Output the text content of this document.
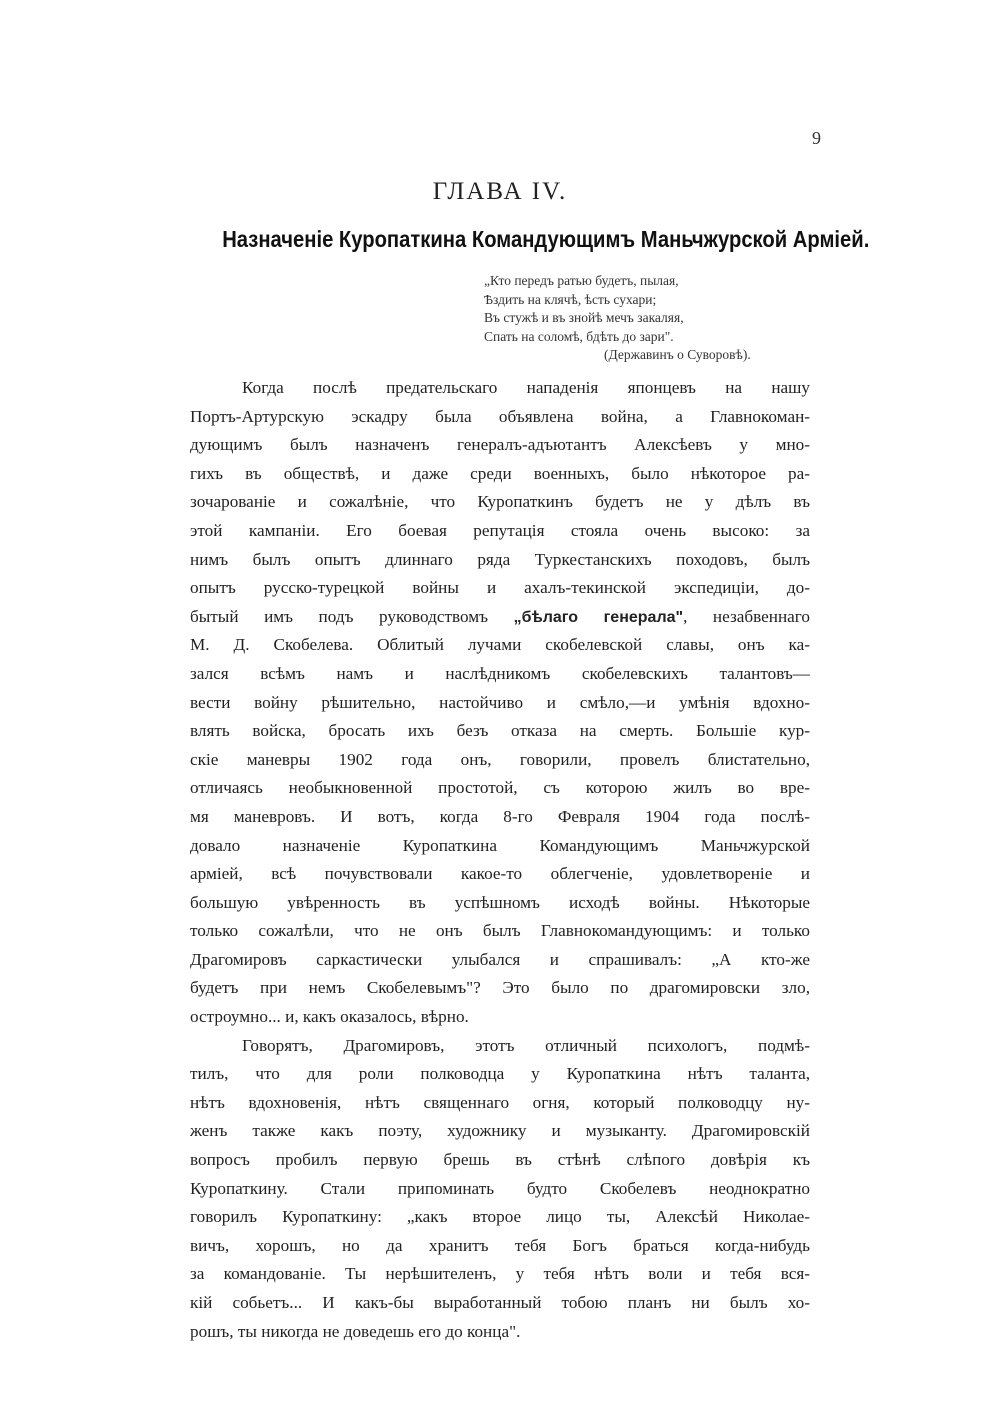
9
ГЛАВА IV.
Назначеніе Куропаткина Командующимъ Маньчжурской Арміей.
„Кто передъ ратью будетъ, пылая,
Ѣздить на клячѣ, ѣсть сухари;
Въ стужѣ и въ знойѣ мечъ закаляя,
Спать на соломѣ, бдѣть до зари".
(Державинъ о Суворовѣ).
Когда послѣ предательскаго нападенія японцевъ на нашу
Портъ-Артурскую эскадру была объявлена война, а Главнокоман-
дующимъ былъ назначенъ генералъ-адъютантъ Алексѣевъ у мно-
гихъ въ обществѣ, и даже среди военныхъ, было нѣкоторое ра-
зочарованіе и сожалѣніе, что Куропаткинъ будетъ не у дѣлъ въ
этой кампаніи. Его боевая репутація стояла очень высоко: за
нимъ былъ опытъ длиннаго ряда Туркестанскихъ походовъ, былъ
опытъ русско-турецкой войны и ахалъ-текинской экспедиціи, до-
бытый имъ подъ руководствомъ „бѣлаго генерала", незабвеннаго
М. Д. Скобелева. Облитый лучами скобелевской славы, онъ ка-
зался всѣмъ намъ и наслѣдникомъ скобелевскихъ талантовъ—
вести войну рѣшительно, настойчиво и смѣло,—и умѣнія вдохно-
влять войска, бросать ихъ безъ отказа на смерть. Большіе кур-
скіе маневры 1902 года онъ, говорили, провелъ блистательно,
отличаясь необыкновенной простотой, съ которою жилъ во вре-
мя маневровъ. И вотъ, когда 8-го Февраля 1904 года послѣ-
довало назначеніе Куропаткина Командующимъ Маньчжурской
арміей, всѣ почувствовали какое-то облегченіе, удовлетвореніе и
большую увѣренность въ успѣшномъ исходѣ войны. Нѣкоторые
только сожалѣли, что не онъ былъ Главнокомандующимъ: и только
Драгомировъ саркастически улыбался и спрашивалъ: „А кто-же
будетъ при немъ Скобелевымъ"? Это было по драгомировски зло,
остроумно... и, какъ оказалось, вѣрно.
Говорятъ, Драгомировъ, этотъ отличный психологъ, подмѣ-
тилъ, что для роли полководца у Куропаткина нѣтъ таланта,
нѣтъ вдохновенія, нѣтъ священнаго огня, который полководцу ну-
женъ также какъ поэту, художнику и музыканту. Драгомировскій
вопросъ пробилъ первую брешь въ стѣнѣ слѣпого довѣрія къ
Куропаткину. Стали припоминать будто Скобелевъ неоднократно
говорилъ Куропаткину: „какъ второе лицо ты, Алексѣй Николаe-
вичъ, хорошъ, но да хранитъ тебя Богъ браться когда-нибудь
за командованіе. Ты нерѣшителенъ, у тебя нѣтъ воли и тебя вся-
кій собьетъ... И какъ-бы выработанный тобою планъ ни былъ хо-
рошъ, ты никогда не доведешь его до конца".
